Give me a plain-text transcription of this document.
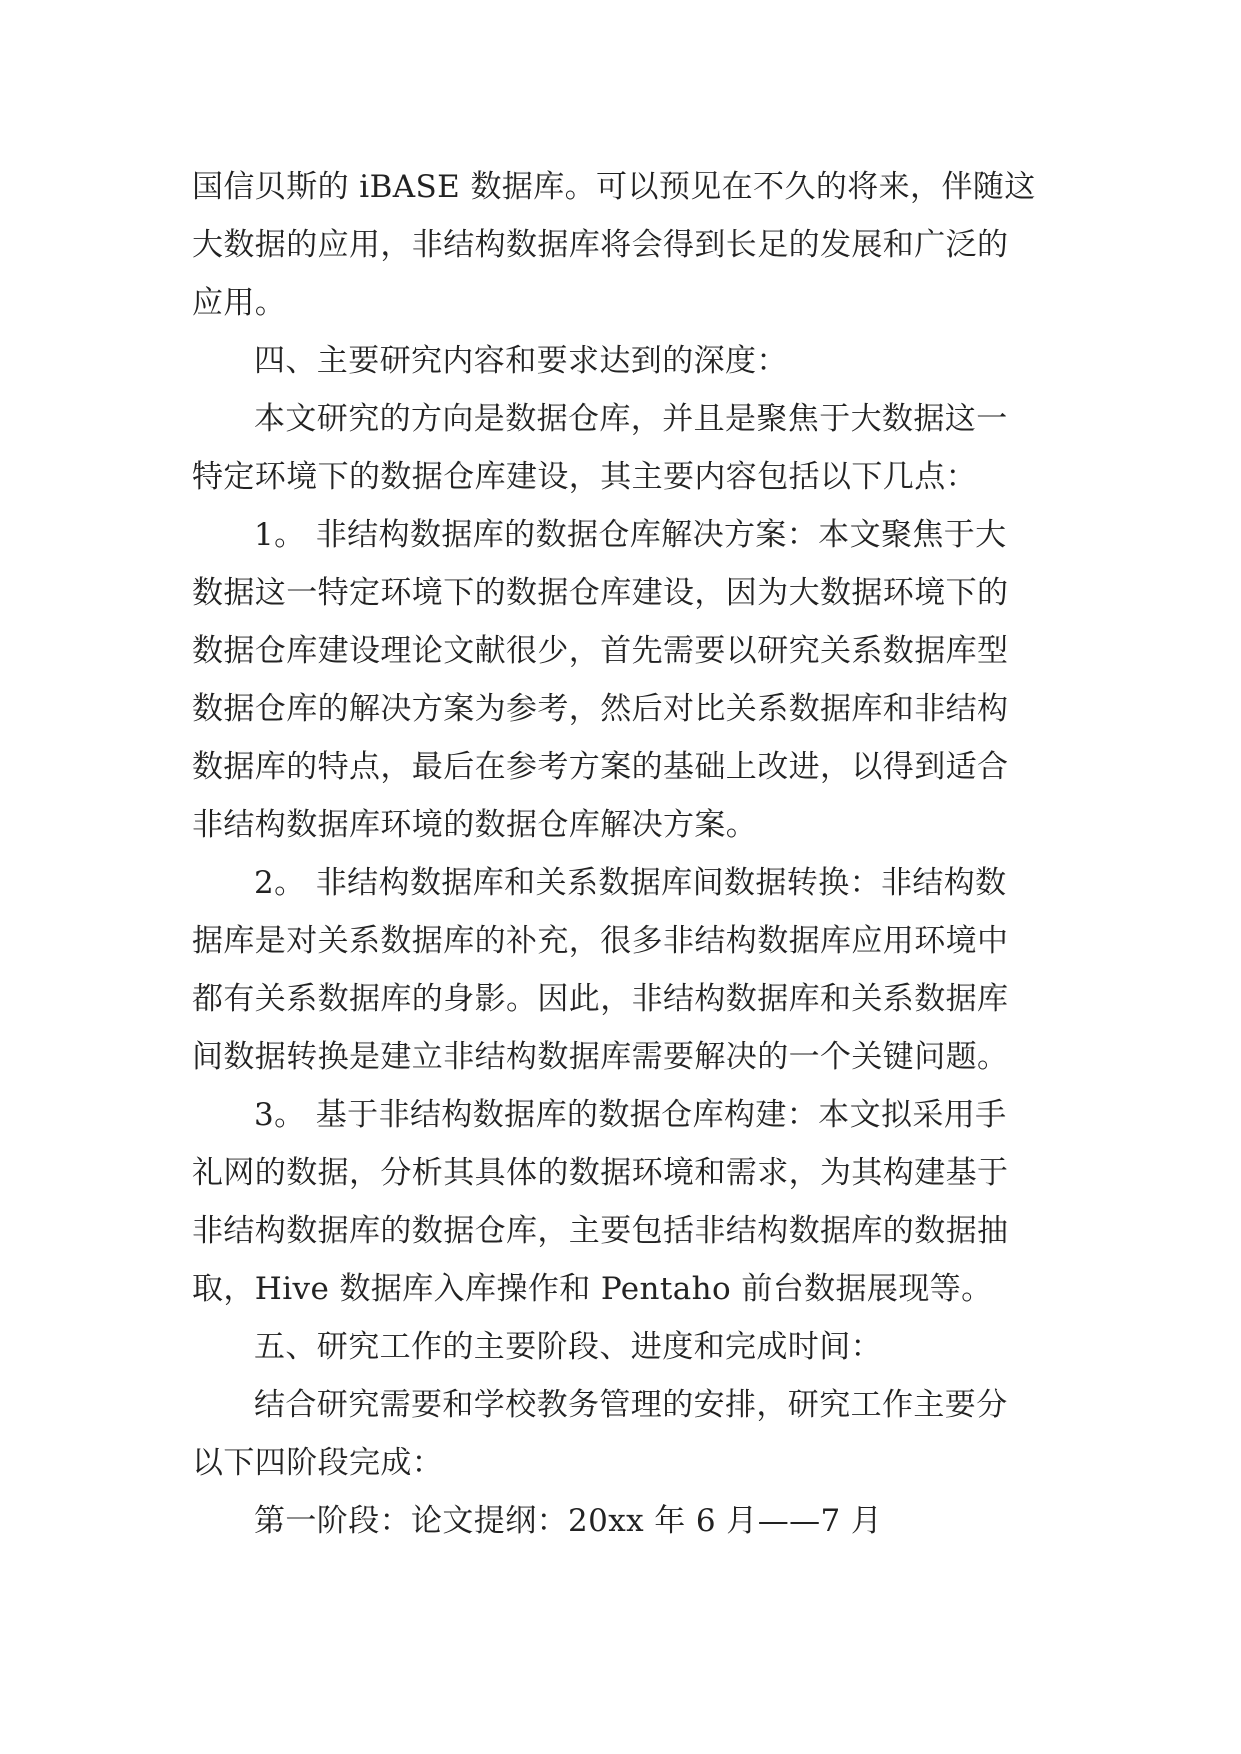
国信贝斯的 iBASE 数据库。可以预见在不久的将来，伴随这
大数据的应用，非结构数据库将会得到长足的发展和广泛的
应用。
四、主要研究内容和要求达到的深度：
本文研究的方向是数据仓库，并且是聚焦于大数据这一
特定环境下的数据仓库建设，其主要内容包括以下几点：
1。 非结构数据库的数据仓库解决方案：本文聚焦于大
数据这一特定环境下的数据仓库建设，因为大数据环境下的
数据仓库建设理论文献很少，首先需要以研究关系数据库型
数据仓库的解决方案为参考，然后对比关系数据库和非结构
数据库的特点，最后在参考方案的基础上改进，以得到适合
非结构数据库环境的数据仓库解决方案。
2。 非结构数据库和关系数据库间数据转换：非结构数
据库是对关系数据库的补充，很多非结构数据库应用环境中
都有关系数据库的身影。因此，非结构数据库和关系数据库
间数据转换是建立非结构数据库需要解决的一个关键问题。
3。 基于非结构数据库的数据仓库构建：本文拟采用手
礼网的数据，分析其具体的数据环境和需求，为其构建基于
非结构数据库的数据仓库，主要包括非结构数据库的数据抽
取，Hive 数据库入库操作和 Pentaho 前台数据展现等。
五、研究工作的主要阶段、进度和完成时间：
结合研究需要和学校教务管理的安排，研究工作主要分
以下四阶段完成：
第一阶段：论文提纲：20xx 年 6 月——7 月
